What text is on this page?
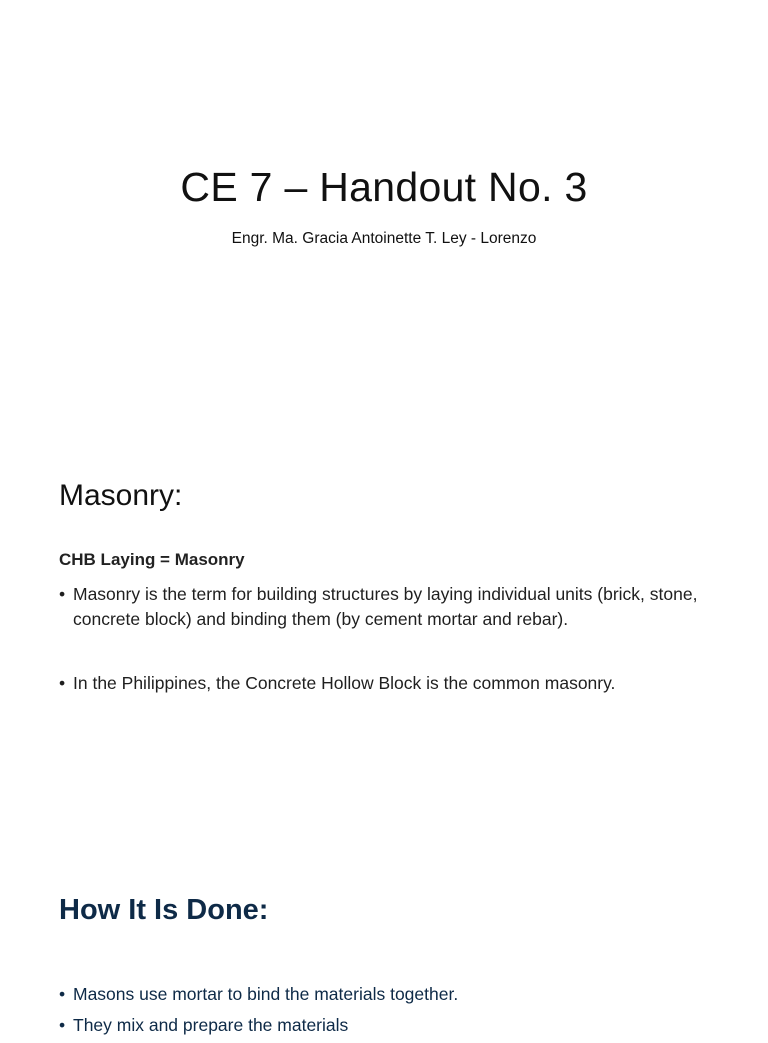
CE 7 – Handout No. 3
Engr. Ma. Gracia Antoinette T. Ley - Lorenzo
Masonry:
CHB Laying = Masonry
• Masonry is the term for building structures by laying individual units (brick, stone, concrete block) and binding them (by cement mortar and rebar).
• In the Philippines, the Concrete Hollow Block is the common masonry.
How It Is Done:
• Masons use mortar to bind the materials together.
• They mix and prepare the materials
